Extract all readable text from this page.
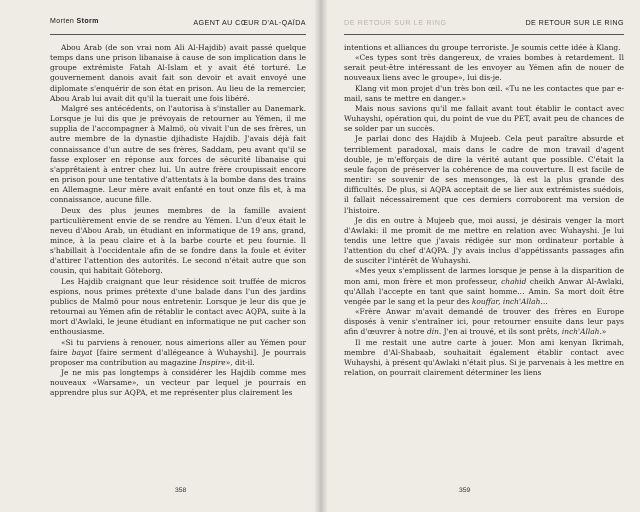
Morten Storm	AGENT AU CŒUR D'AL-QAÏDA

Abou Arab (de son vrai nom Ali Al-Hajdib) avait passé quelque temps dans une prison libanaise à cause de son implication dans le groupe extrémiste Fatah Al-Islam et y avait été torturé. Le gouvernement danois avait fait son devoir et avait envoyé une diplomate s'enquérir de son état en prison. Au lieu de la remercier, Abou Arab lui avait dit qu'il la tuerait une fois libéré.

Malgré ses antécédents, on l'autorisa à s'installer au Danemark. Lorsque je lui dis que je prévoyais de retourner au Yémen, il me supplia de l'accompagner à Malmö, où vivait l'un de ses frères, un autre membre de la dynastie djihadiste Hajdib. J'avais déjà fait connaissance d'un autre de ses frères, Saddam, peu avant qu'il se fasse exploser en réponse aux forces de sécurité libanaise qui s'apprêtaient à entrer chez lui. Un autre frère croupissait encore en prison pour une tentative d'attentats à la bombe dans des trains en Allemagne. Leur mère avait enfanté en tout onze fils et, à ma connaissance, aucune fille.

Deux des plus jeunes membres de la famille avaient particulièrement envie de se rendre au Yémen. L'un d'eux était le neveu d'Abou Arab, un étudiant en informatique de 19 ans, grand, mince, à la peau claire et à la barbe courte et peu fournie. Il s'habillait à l'occidentale afin de se fondre dans la foule et éviter d'attirer l'attention des autorités. Le second n'était autre que son cousin, qui habitait Göteborg.

Les Hajdib craignant que leur résidence soit truffée de micros espions, nous primes prétexte d'une balade dans l'un des jardins publics de Malmö pour nous entretenir. Lorsque je leur dis que je retournai au Yémen afin de rétablir le contact avec AQPA, suite à la mort d'Awlaki, le jeune étudiant en informatique ne put cacher son enthousiasme.

«Si tu parviens à renouer, nous aimerions aller au Yémen pour faire bayat [faire serment d'allégeance à Wuhayshi]. Je pourrais proposer ma contribution au magazine Inspire», dit-il.

Je ne mis pas longtemps à considérer les Hajdib comme mes nouveaux «Warsame», un vecteur par lequel je pourrais en apprendre plus sur AQPA, et me représenter plus clairement les

358
DE RETOUR SUR LE RING	DE RETOUR SUR LE RING

intentions et alliances du groupe terroriste. Je soumis cette idée à Klang.

«Ces types sont très dangereux, de vraies bombes à retardement. Il serait peut-être intéressant de les envoyer au Yémen afin de nouer de nouveaux liens avec le groupe», lui dis-je.

Klang vit mon projet d'un très bon œil. «Tu ne les contactes que par e-mail, sans te mettre en danger.»

Mais nous savions qu'il me fallait avant tout établir le contact avec Wuhayshi, opération qui, du point de vue du PET, avait peu de chances de se solder par un succès.

Je parlai donc des Hajdib à Mujeeb. Cela peut paraître absurde et terriblement paradoxal, mais dans le cadre de mon travail d'agent double, je m'efforçais de dire la vérité autant que possible. C'était la seule façon de préserver la cohérence de ma couverture. Il est facile de mentir: se souvenir de ses mensonges, là est la plus grande des difficultés. De plus, si AQPA acceptait de se lier aux extrémistes suédois, il fallait nécessairement que ces derniers corroborent ma version de l'histoire.

Je dis en outre à Mujeeb que, moi aussi, je désirais venger la mort d'Awlaki: il me promit de me mettre en relation avec Wuhayshi. Je lui tendis une lettre que j'avais rédigée sur mon ordinateur portable à l'attention du chef d'AQPA. J'y avais inclus d'appétissants passages afin de susciter l'intérêt de Wuhayshi.

«Mes yeux s'emplissent de larmes lorsque je pense à la disparition de mon ami, mon frère et mon professeur, chahid cheikh Anwar Al-Awlaki, qu'Allah l'accepte en tant que saint homme… Amin. Sa mort doit être vengée par le sang et la peur des kouffar, inch'Allah…

«Frère Anwar m'avait demandé de trouver des frères en Europe disposés à venir s'entraîner ici, pour retourner ensuite dans leur pays afin d'œuvrer à notre din. J'en ai trouvé, et ils sont prêts, inch'Allah.»

Il me restait une autre carte à jouer. Mon ami kenyan Ikrimah, membre d'Al-Shabaab, souhaitait également établir contact avec Wuhayshi, à présent qu'Awlaki n'était plus. Si je parvenais à les mettre en relation, on pourrait clairement déterminer les liens

359
